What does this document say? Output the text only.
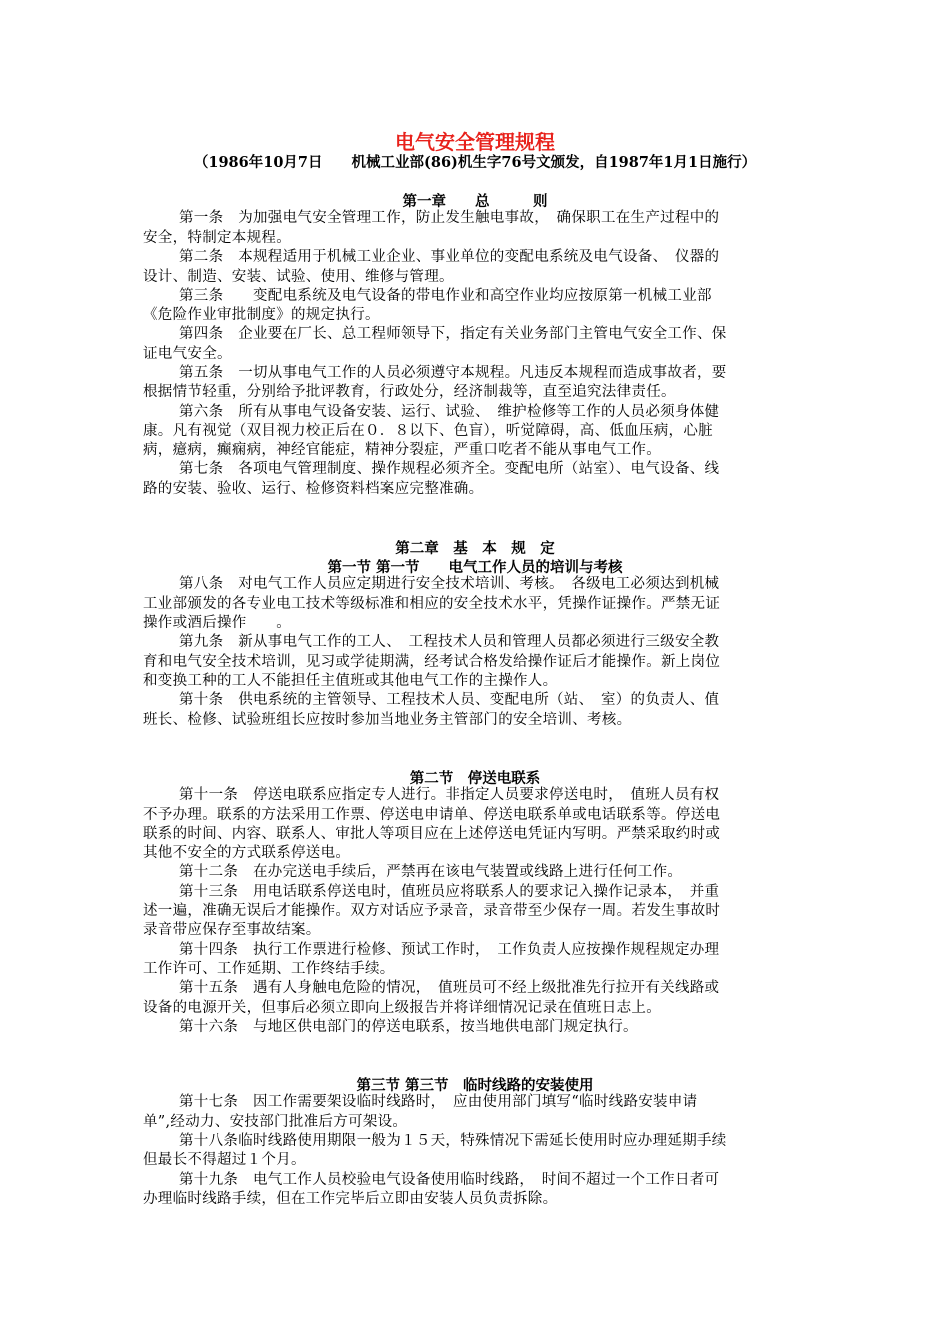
电气安全管理规程
（1986年10月7日　　机械工业部(86)机生字76号文颁发，自1987年1月1日施行）
第一章　　总　　　则
第一条　为加强电气安全管理工作，防止发生触电事故，　确保职工在生产过程中的
安全，特制定本规程。
第二条　本规程适用于机械工业企业、事业单位的变配电系统及电气设备、　仪器的
设计、制造、安装、试验、使用、维修与管理。
第三条　　变配电系统及电气设备的带电作业和高空作业均应按原第一机械工业部
《危险作业审批制度》的规定执行。
第四条　企业要在厂长、总工程师领导下，指定有关业务部门主管电气安全工作、保
证电气安全。
第五条　一切从事电气工作的人员必须遵守本规程。凡违反本规程而造成事故者，要
根据情节轻重，分别给予批评教育，行政处分，经济制裁等，直至追究法律责任。
第六条　所有从事电气设备安装、运行、试验、　维护检修等工作的人员必须身体健
康。凡有视觉（双目视力校正后在０．８以下、色盲），听觉障碍，高、低血压病，心脏
病，癔病，癫痫病，神经官能症，精神分裂症，严重口吃者不能从事电气工作。
第七条　各项电气管理制度、操作规程必须齐全。变配电所（站室）、电气设备、线
路的安装、验收、运行、检修资料档案应完整准确。
第二章　基　本　规　定
第一节 第一节　　电气工作人员的培训与考核
第八条　对电气工作人员应定期进行安全技术培训、考核。　各级电工必须达到机械
工业部颁发的各专业电工技术等级标准和相应的安全技术水平，凭操作证操作。严禁无证
操作或酒后操作　　。
第九条　新从事电气工作的工人、　工程技术人员和管理人员都必须进行三级安全教
育和电气安全技术培训，见习或学徒期满，经考试合格发给操作证后才能操作。新上岗位
和变换工种的工人不能担任主值班或其他电气工作的主操作人。
第十条　供电系统的主管领导、工程技术人员、变配电所（站、　室）的负责人、值
班长、检修、试验班组长应按时参加当地业务主管部门的安全培训、考核。
第二节　停送电联系
第十一条　停送电联系应指定专人进行。非指定人员要求停送电时，　值班人员有权
不予办理。联系的方法采用工作票、停送电申请单、停送电联系单或电话联系等。停送电
联系的时间、内容、联系人、审批人等项目应在上述停送电凭证内写明。严禁采取约时或
其他不安全的方式联系停送电。
第十二条　在办完送电手续后，严禁再在该电气装置或线路上进行任何工作。
第十三条　用电话联系停送电时，值班员应将联系人的要求记入操作记录本，　并重
述一遍，准确无误后才能操作。双方对话应予录音，录音带至少保存一周。若发生事故时
录音带应保存至事故结案。
第十四条　执行工作票进行检修、预试工作时，　工作负责人应按操作规程规定办理
工作许可、工作延期、工作终结手续。
第十五条　遇有人身触电危险的情况，　值班员可不经上级批准先行拉开有关线路或
设备的电源开关，但事后必须立即向上级报告并将详细情况记录在值班日志上。
第十六条　与地区供电部门的停送电联系，按当地供电部门规定执行。
第三节 第三节　临时线路的安装使用
第十七条　因工作需要架设临时线路时，　应由使用部门填写“临时线路安装申请
单”,经动力、安技部门批准后方可架设。
第十八条临时线路使用期限一般为１５天，特殊情况下需延长使用时应办理延期手续
但最长不得超过１个月。
第十九条　电气工作人员校验电气设备使用临时线路，　时间不超过一个工作日者可
办理临时线路手续，但在工作完毕后立即由安装人员负责拆除。
